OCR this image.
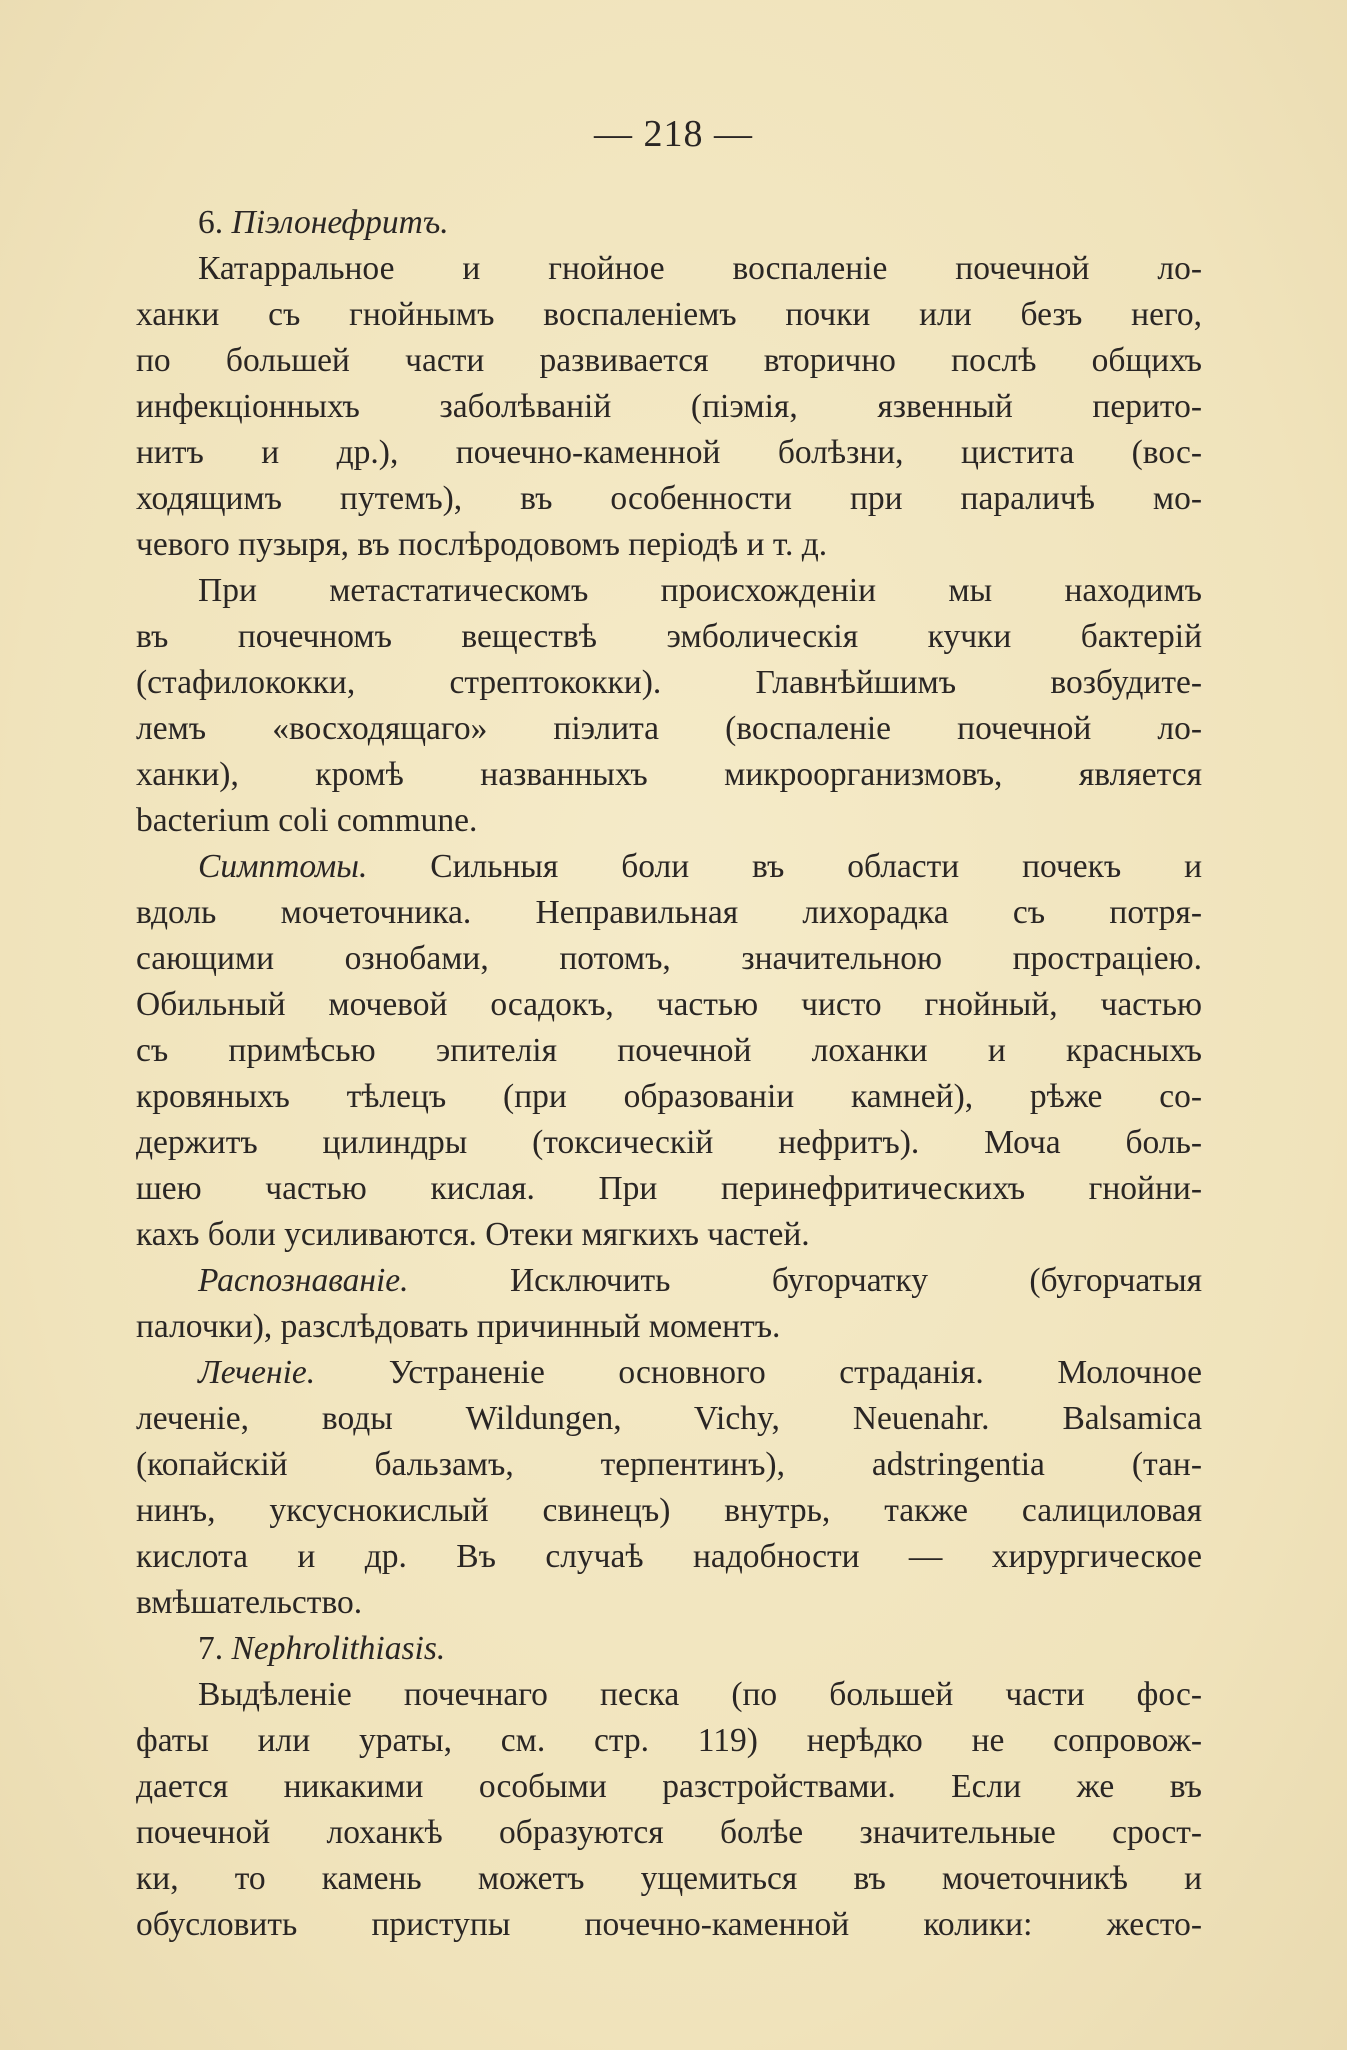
— 218 —
6. Пiэлонефритъ.
Катарральное и гнойное воспаленiе почечной ло-
ханки съ гнойнымъ воспаленiемъ почки или безъ него,
по большей части развивается вторично послѣ общихъ
инфекцiонныхъ заболѣванiй (пiэмiя, язвенный перито-
нитъ и др.), почечно-каменной болѣзни, цистита (вос-
ходящимъ путемъ), въ особенности при параличѣ мо-
чевого пузыря, въ послѣродовомъ перiодѣ и т. д.
При метастатическомъ происхожденiи мы находимъ
въ почечномъ веществѣ эмболическiя кучки бактерiй
(стафилококки, стрептококки). Главнѣйшимъ возбудите-
лемъ «восходящаго» пiэлита (воспаленiе почечной ло-
ханки), кромѣ названныхъ микроорганизмовъ, является
bacterium coli commune.
Симптомы. Сильныя боли въ области почекъ и
вдоль мочеточника. Неправильная лихорадка съ потря-
сающими ознобами, потомъ, значительною прострацiею.
Обильный мочевой осадокъ, частью чисто гнойный, частью
съ примѣсью эпителiя почечной лоханки и красныхъ
кровяныхъ тѣлецъ (при образованiи камней), рѣже со-
держитъ цилиндры (токсическiй нефритъ). Моча боль-
шею частью кислая. При перинефритическихъ гнойни-
кахъ боли усиливаются. Отеки мягкихъ частей.
Распознаванiе.	Исключить бугорчатку (бугорчатыя
палочки), разслѣдовать причинный моментъ.
Леченiе. Устраненiе основного страданiя. Молочное
леченiе, воды Wildungen, Vichy, Neuenahr. Balsamica
(копайскiй бальзамъ, терпентинъ), adstringentia (тан-
нинъ, уксуснокислый свинецъ) внутрь, также салициловая
кислота и др. Въ случаѣ надобности — хирургическое
вмѣшательство.
7. Nephrolithiasis.
Выдѣленiе почечнаго песка (по большей части фос-
фаты или ураты, см. стр. 119) нерѣдко не сопровож-
дается никакими особыми разстройствами. Если же въ
почечной лоханкѣ образуются болѣе значительные срост-
ки, то камень можетъ ущемиться въ мочеточникѣ и
обусловить приступы почечно-каменной колики: жесто-
